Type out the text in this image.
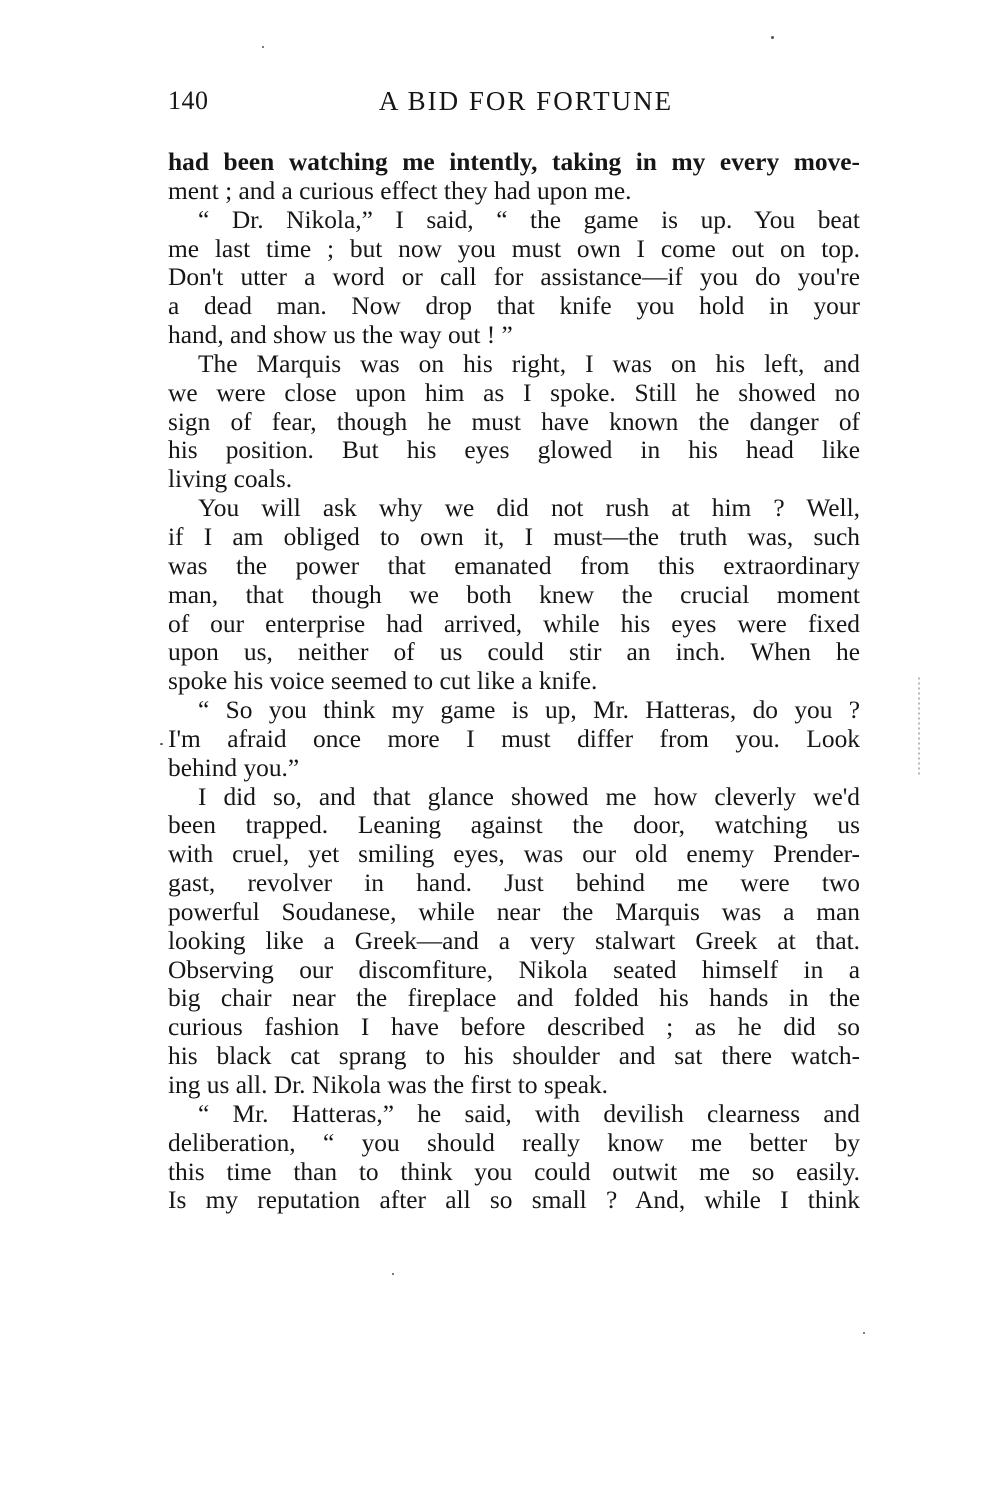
140	A BID FOR FORTUNE
had been watching me intently, taking in my every move-
ment ; and a curious effect they had upon me.
“ Dr. Nikola,” I said, “ the game is up. You beat
me last time ; but now you must own I come out on top.
Don't utter a word or call for assistance—if you do you're
a dead man. Now drop that knife you hold in your
hand, and show us the way out ! ”
The Marquis was on his right, I was on his left, and
we were close upon him as I spoke. Still he showed no
sign of fear, though he must have known the danger of
his position. But his eyes glowed in his head like
living coals.
You will ask why we did not rush at him ? Well,
if I am obliged to own it, I must—the truth was, such
was the power that emanated from this extraordinary
man, that though we both knew the crucial moment
of our enterprise had arrived, while his eyes were fixed
upon us, neither of us could stir an inch. When he
spoke his voice seemed to cut like a knife.
“ So you think my game is up, Mr. Hatteras, do you ?
I'm afraid once more I must differ from you. Look
behind you.”
I did so, and that glance showed me how cleverly we'd
been trapped. Leaning against the door, watching us
with cruel, yet smiling eyes, was our old enemy Prender-
gast, revolver in hand. Just behind me were two
powerful Soudanese, while near the Marquis was a man
looking like a Greek—and a very stalwart Greek at that.
Observing our discomfiture, Nikola seated himself in a
big chair near the fireplace and folded his hands in the
curious fashion I have before described ; as he did so
his black cat sprang to his shoulder and sat there watch-
ing us all. Dr. Nikola was the first to speak.
“ Mr. Hatteras,” he said, with devilish clearness and
deliberation, “ you should really know me better by
this time than to think you could outwit me so easily.
Is my reputation after all so small ? And, while I think
